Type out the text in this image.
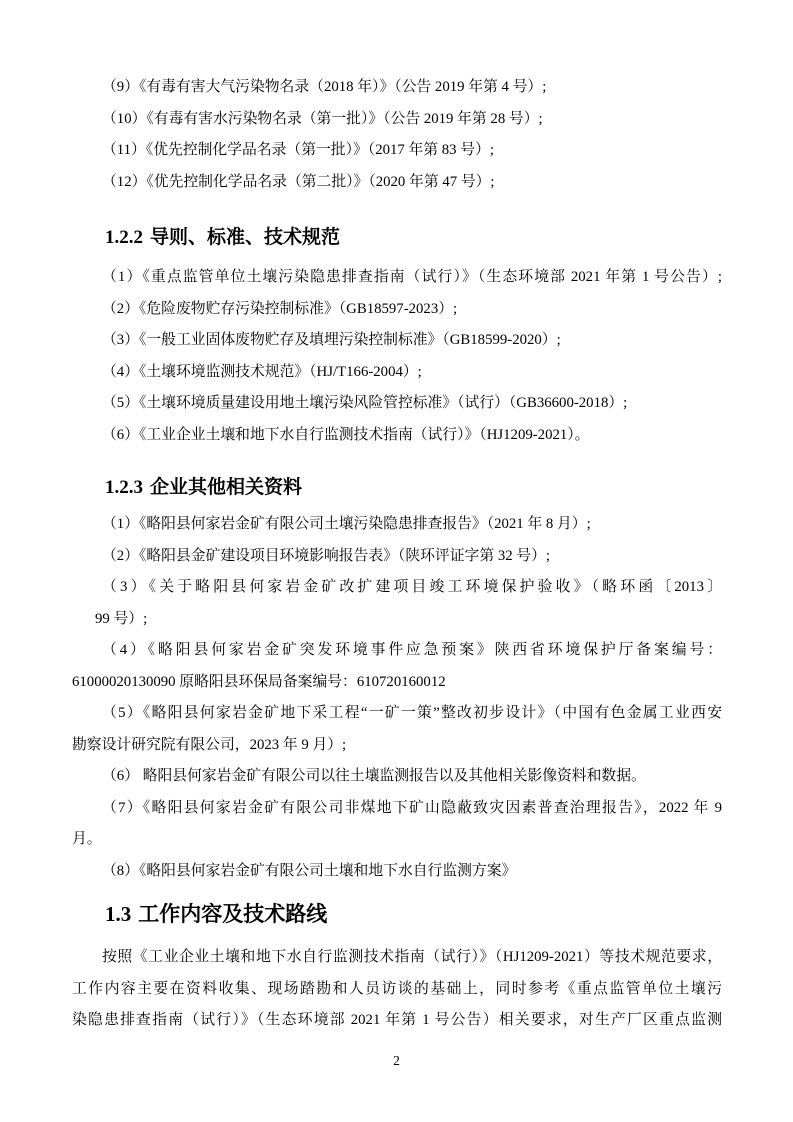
（9）《有毒有害大气污染物名录（2018 年）》（公告 2019 年第 4 号）;
（10）《有毒有害水污染物名录（第一批）》（公告 2019 年第 28 号）;
（11）《优先控制化学品名录（第一批）》（2017 年第 83 号）;
（12）《优先控制化学品名录（第二批）》（2020 年第 47 号）;
1.2.2 导则、标准、技术规范
（1）《重点监管单位土壤污染隐患排查指南（试行）》（生态环境部 2021 年第 1 号公告）;
（2）《危险废物贮存污染控制标准》（GB18597-2023）;
（3）《一般工业固体废物贮存及填埋污染控制标准》（GB18599-2020）;
（4）《土壤环境监测技术规范》（HJ/T166-2004）;
（5）《土壤环境质量建设用地土壤污染风险管控标准》（试行）（GB36600-2018）;
（6）《工业企业土壤和地下水自行监测技术指南（试行）》（HJ1209-2021）。
1.2.3 企业其他相关资料
（1）《略阳县何家岩金矿有限公司土壤污染隐患排查报告》（2021 年 8 月）;
（2）《略阳县金矿建设项目环境影响报告表》（陕环评证字第 32 号）;
（3）《关于略阳县何家岩金矿改扩建项目竣工环境保护验收》（略环函〔2013〕
99 号）;
（4）《略阳县何家岩金矿突发环境事件应急预案》陕西省环境保护厅备案编号：
61000020130090 原略阳县环保局备案编号：610720160012
（5）《略阳县何家岩金矿地下采工程“一矿一策”整改初步设计》（中国有色金属工业西安
勘察设计研究院有限公司，2023 年 9 月）;
（6） 略阳县何家岩金矿有限公司以往土壤监测报告以及其他相关影像资料和数据。
（7）《略阳县何家岩金矿有限公司非煤地下矿山隐蔽致灾因素普查治理报告》，2022 年 9
月。
（8）《略阳县何家岩金矿有限公司土壤和地下水自行监测方案》
1.3 工作内容及技术路线
按照《工业企业土壤和地下水自行监测技术指南（试行）》（HJ1209-2021）等技术规范要求，
工作内容主要在资料收集、现场踏勘和人员访谈的基础上，同时参考《重点监管单位土壤污
染隐患排查指南（试行）》（生态环境部 2021 年第 1 号公告）相关要求，对生产厂区重点监测
2
